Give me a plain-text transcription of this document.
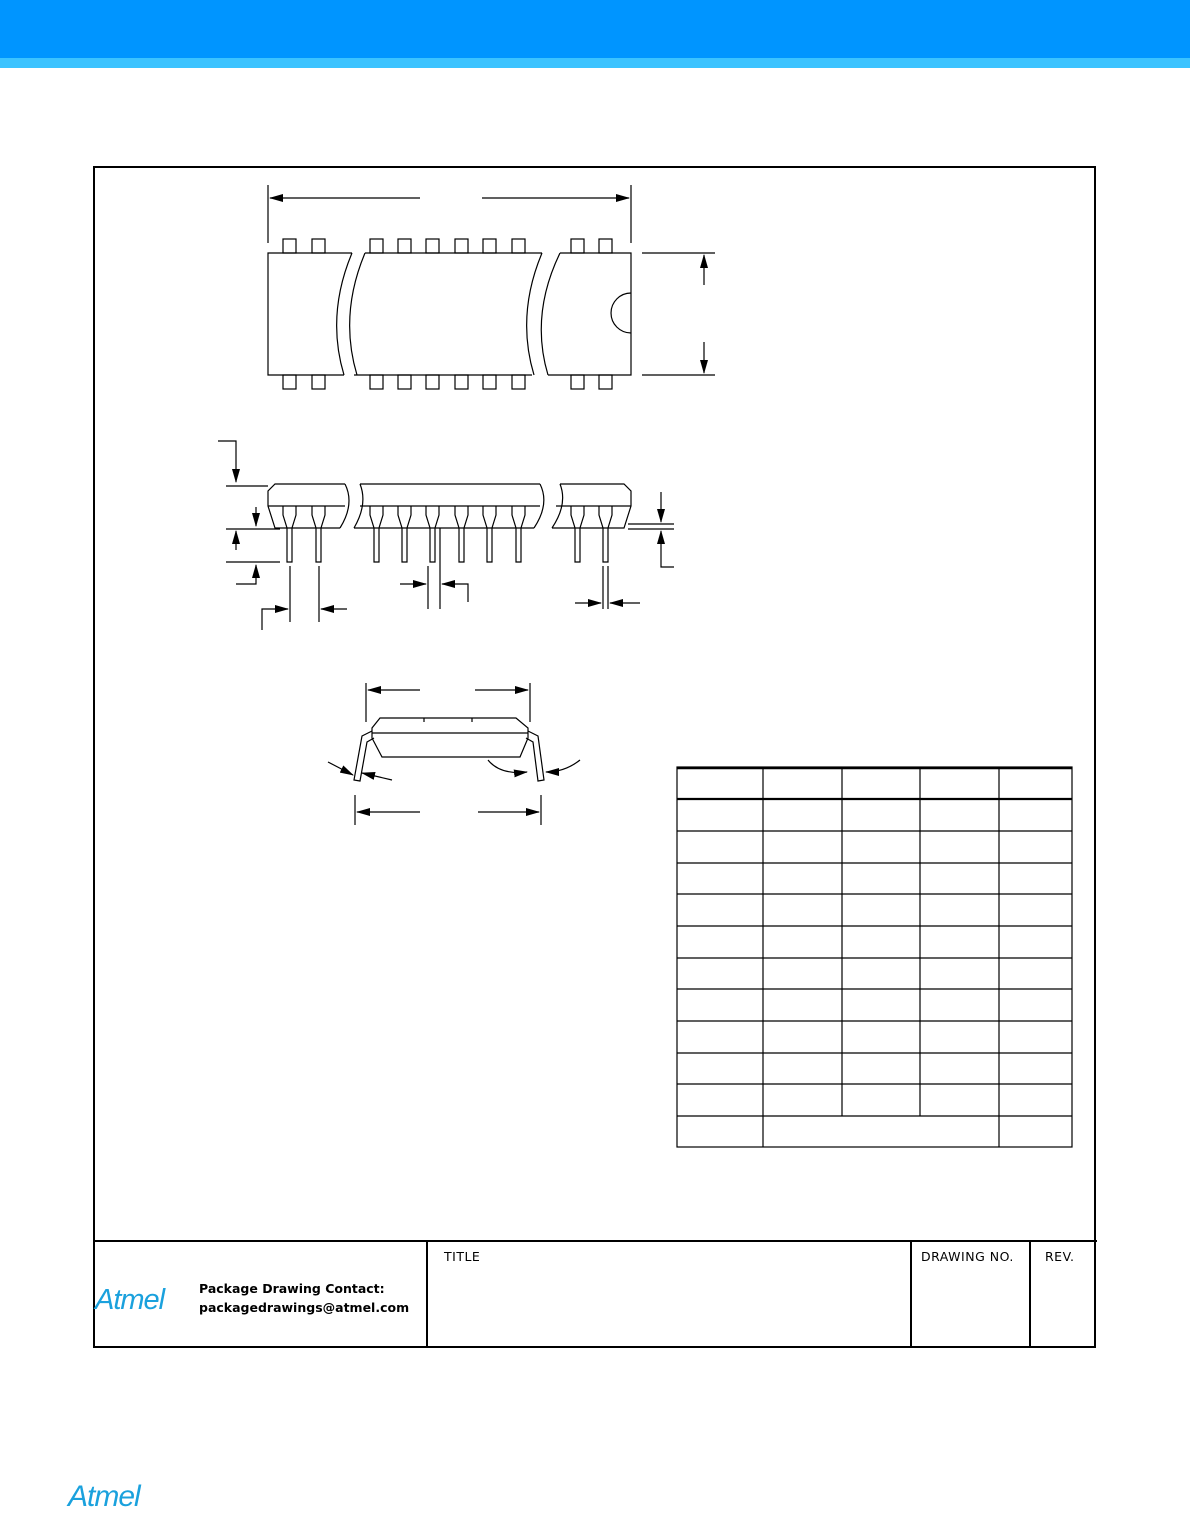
Atmel	Package Drawing Contact:
packagedrawings@atmel.com
TITLE	DRAWING NO. REV.
Atmel
